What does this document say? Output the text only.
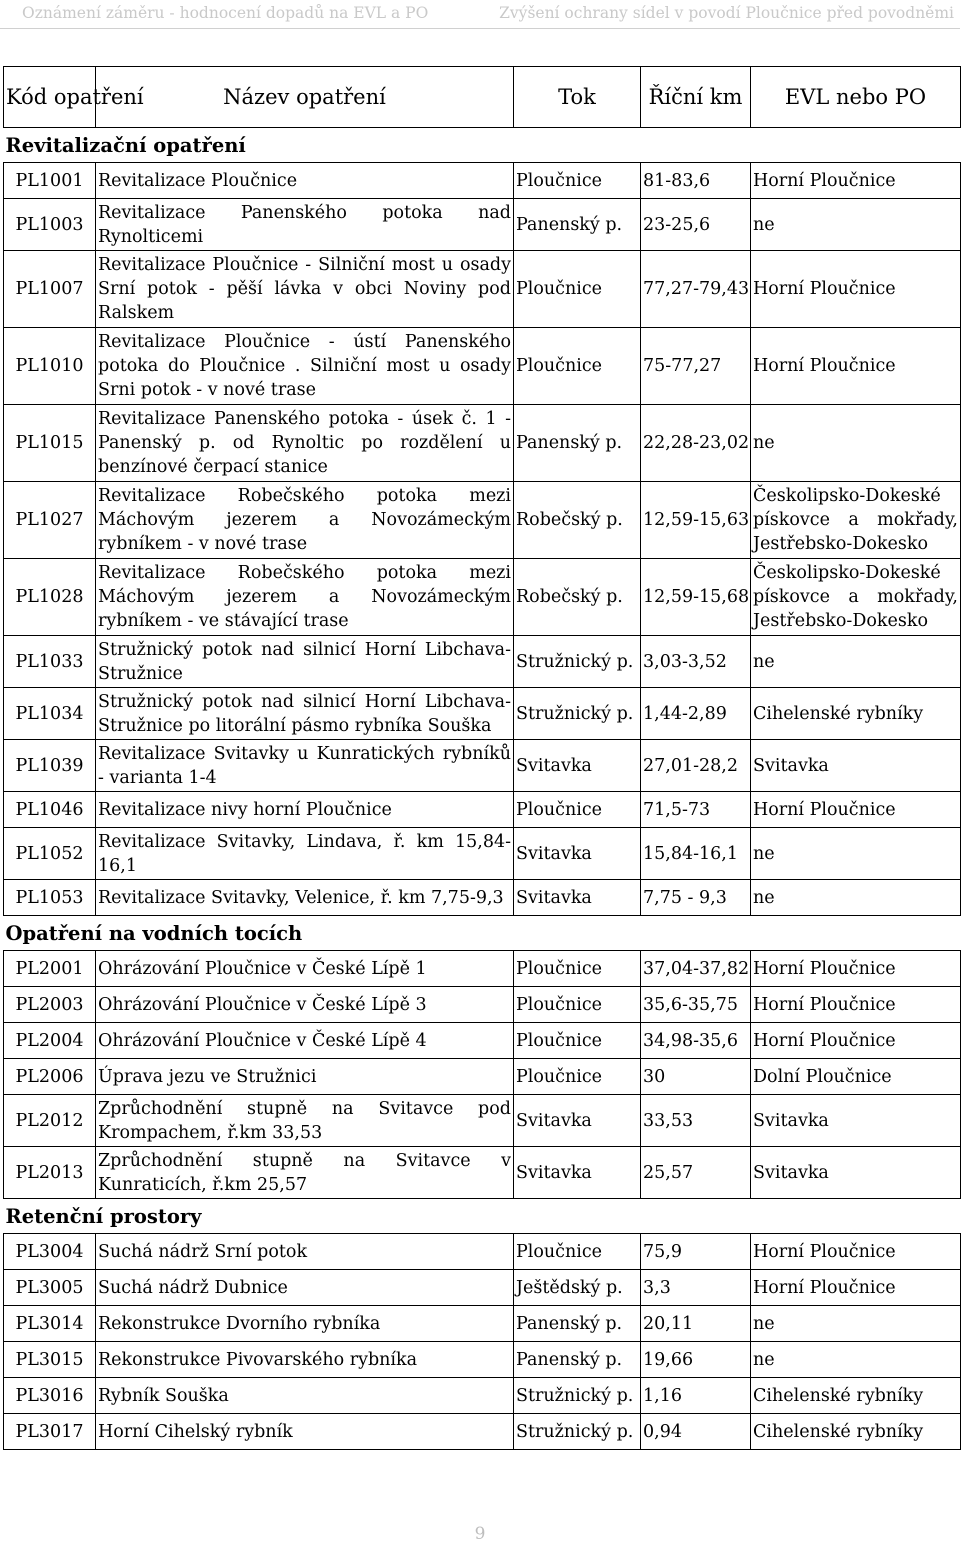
Oznámení záměru - hodnocení dopadů na EVL a PO	Zvýšení ochrany sídel v povodí Ploučnice před povodněmi
Kód opatření	Název opatření	Tok	Říční km	EVL nebo PO
Revitalizační opatření				
PL1001	Revitalizace Ploučnice	Ploučnice	81-83,6	Horní Ploučnice
PL1003	Revitalizace Panenského potoka nad Rynolticemi	Panenský p.	23-25,6	ne
PL1007	Revitalizace Ploučnice - Silniční most u osady Srní potok - pěší lávka v obci Noviny pod Ralskem	Ploučnice	77,27-79,43	Horní Ploučnice
PL1010	Revitalizace Ploučnice - ústí Panenského potoka do Ploučnice . Silniční most u osady Srni potok - v nové trase	Ploučnice	75-77,27	Horní Ploučnice
PL1015	Revitalizace Panenského potoka - úsek č. 1 - Panenský p. od Rynoltic po rozdělení u benzínové čerpací stanice	Panenský p.	22,28-23,02	ne
PL1027	Revitalizace Robečského potoka mezi Máchovým jezerem a Novozámeckým rybníkem - v nové trase	Robečský p.	12,59-15,63	Českolipsko-Dokeské pískovce a mokřady, Jestřebsko-Dokesko
PL1028	Revitalizace Robečského potoka mezi Máchovým jezerem a Novozámeckým rybníkem - ve stávající trase	Robečský p.	12,59-15,68	Českolipsko-Dokeské pískovce a mokřady, Jestřebsko-Dokesko
PL1033	Stružnický potok nad silnicí Horní Libchava-Stružnice	Stružnický p.	3,03-3,52	ne
PL1034	Stružnický potok nad silnicí Horní Libchava-Stružnice po litorální pásmo rybníka Souška	Stružnický p.	1,44-2,89	Cihelenské rybníky
PL1039	Revitalizace Svitavky u Kunratických rybníků - varianta 1-4	Svitavka	27,01-28,2	Svitavka
PL1046	Revitalizace nivy horní Ploučnice	Ploučnice	71,5-73	Horní Ploučnice
PL1052	Revitalizace Svitavky, Lindava, ř. km 15,84-16,1	Svitavka	15,84-16,1	ne
PL1053	Revitalizace Svitavky, Velenice, ř. km 7,75-9,3	Svitavka	7,75 - 9,3	ne
Opatření na vodních tocích				
PL2001	Ohrázování Ploučnice v České Lípě 1	Ploučnice	37,04-37,82	Horní Ploučnice
PL2003	Ohrázování Ploučnice v České Lípě 3	Ploučnice	35,6-35,75	Horní Ploučnice
PL2004	Ohrázování Ploučnice v České Lípě 4	Ploučnice	34,98-35,6	Horní Ploučnice
PL2006	Úprava jezu ve Stružnici	Ploučnice	30	Dolní Ploučnice
PL2012	Zprůchodnění stupně na Svitavce pod Krompachem, ř.km 33,53	Svitavka	33,53	Svitavka
PL2013	Zprůchodnění stupně na Svitavce v Kunraticích, ř.km 25,57	Svitavka	25,57	Svitavka
Retenční prostory				
PL3004	Suchá nádrž Srní potok	Ploučnice	75,9	Horní Ploučnice
PL3005	Suchá nádrž Dubnice	Ještědský p.	3,3	Horní Ploučnice
PL3014	Rekonstrukce Dvorního rybníka	Panenský p.	20,11	ne
PL3015	Rekonstrukce Pivovarského rybníka	Panenský p.	19,66	ne
PL3016	Rybník Souška	Stružnický p.	1,16	Cihelenské rybníky
PL3017	Horní Cihelský rybník	Stružnický p.	0,94	Cihelenské rybníky
9
